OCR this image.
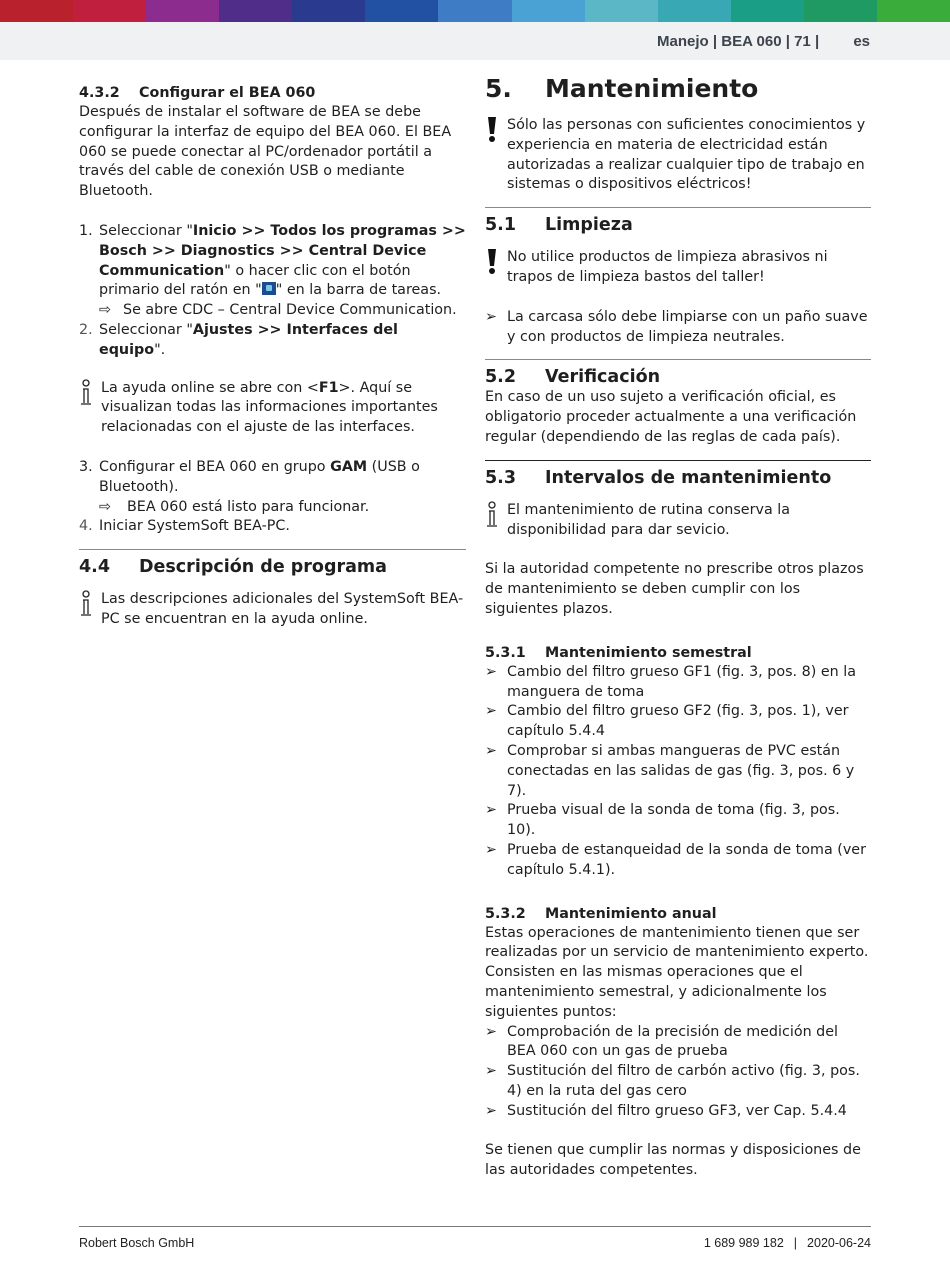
Manejo | BEA 060 | 71 | es
4.3.2 Configurar el BEA 060

Después de instalar el software de BEA se debe configurar la interfaz de equipo del BEA 060. El BEA 060 se puede conectar al PC/ordenador portátil a través del cable de conexión USB o mediante Bluetooth.

1. Seleccionar "Inicio >> Todos los programas >> Bosch >> Diagnostics >> Central Device Communication" o hacer clic con el botón primario del ratón en " " en la barra de tareas.
⇨ Se abre CDC – Central Device Communication.
2. Seleccionar "Ajustes >> Interfaces del equipo".
La ayuda online se abre con <F1>. Aquí se visualizan todas las informaciones importantes relacionadas con el ajuste de las interfaces.
3. Configurar el BEA 060 en grupo GAM (USB o Bluetooth).
⇨ BEA 060 está listo para funcionar.
4. Iniciar SystemSoft BEA-PC.
4.4 Descripción de programa
Las descripciones adicionales del SystemSoft BEA-PC se encuentran en la ayuda online.
5. Mantenimiento
Sólo las personas con suficientes conocimientos y experiencia en materia de electricidad están autorizadas a realizar cualquier tipo de trabajo en sistemas o dispositivos eléctricos!
5.1 Limpieza
No utilice productos de limpieza abrasivos ni trapos de limpieza bastos del taller!
➢ La carcasa sólo debe limpiarse con un paño suave y con productos de limpieza neutrales.
5.2 Verificación

En caso de un uso sujeto a verificación oficial, es obligatorio proceder actualmente a una verificación regular (dependiendo de las reglas de cada país).

5.3 Intervalos de mantenimiento
El mantenimiento de rutina conserva la disponibilidad para dar sevicio.

Si la autoridad competente no prescribe otros plazos de mantenimiento se deben cumplir con los siguientes plazos.

5.3.1 Mantenimiento semestral
➢ Cambio del filtro grueso GF1 (fig. 3, pos. 8) en la manguera de toma
➢ Cambio del filtro grueso GF2 (fig. 3, pos. 1), ver capítulo 5.4.4
➢ Comprobar si ambas mangueras de PVC están conectadas en las salidas de gas (fig. 3, pos. 6 y 7).
➢ Prueba visual de la sonda de toma (fig. 3, pos. 10).
➢ Prueba de estanqueidad de la sonda de toma (ver capítulo 5.4.1).
5.3.2 Mantenimiento anual

Estas operaciones de mantenimiento tienen que ser realizadas por un servicio de mantenimiento experto. Consisten en las mismas operaciones que el mantenimiento semestral, y adicionalmente los siguientes puntos:

➢ Comprobación de la precisión de medición del BEA 060 con un gas de prueba
➢ Sustitución del filtro de carbón activo (fig. 3, pos. 4) en la ruta del gas cero
➢ Sustitución del filtro grueso GF3, ver Cap. 5.4.4

Se tienen que cumplir las normas y disposiciones de las autoridades competentes.

Robert Bosch GmbH	1 689 989 182 | 2020-06-24
